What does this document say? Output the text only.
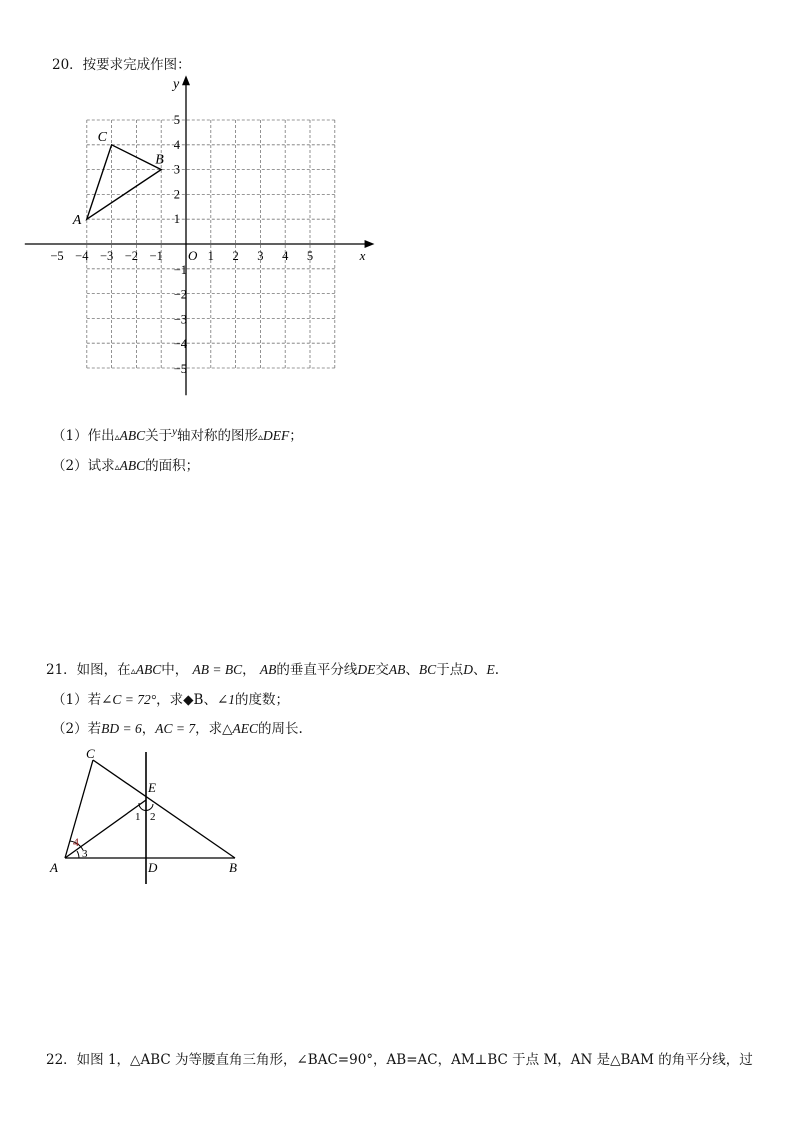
20．按要求完成作图：
x
y
O
−5 −4 −3 −2 −1	1 2 3 4 5
1
2
3
4
5
−1
−2
−3
−4
−5
A
B
C
（1）作出▵ABC关于$^y$轴对称的图形▵DEF；
（2）试求▵ABC的面积；
21．如图，在▵ABC中， AB = BC， AB的垂直平分线DE交AB、BC于点D、E.
（1）若∠C = 72°，求◆B、∠1的度数；
（2）若BD = 6，AC = 7，求△AEC的周长.
C
E
1 2
4
3
A	D	B
22．如图 1，△ABC 为等腰直角三角形，∠BAC=90°，AB=AC，AM⊥BC 于点 M，AN 是△BAM 的角平分线，过
